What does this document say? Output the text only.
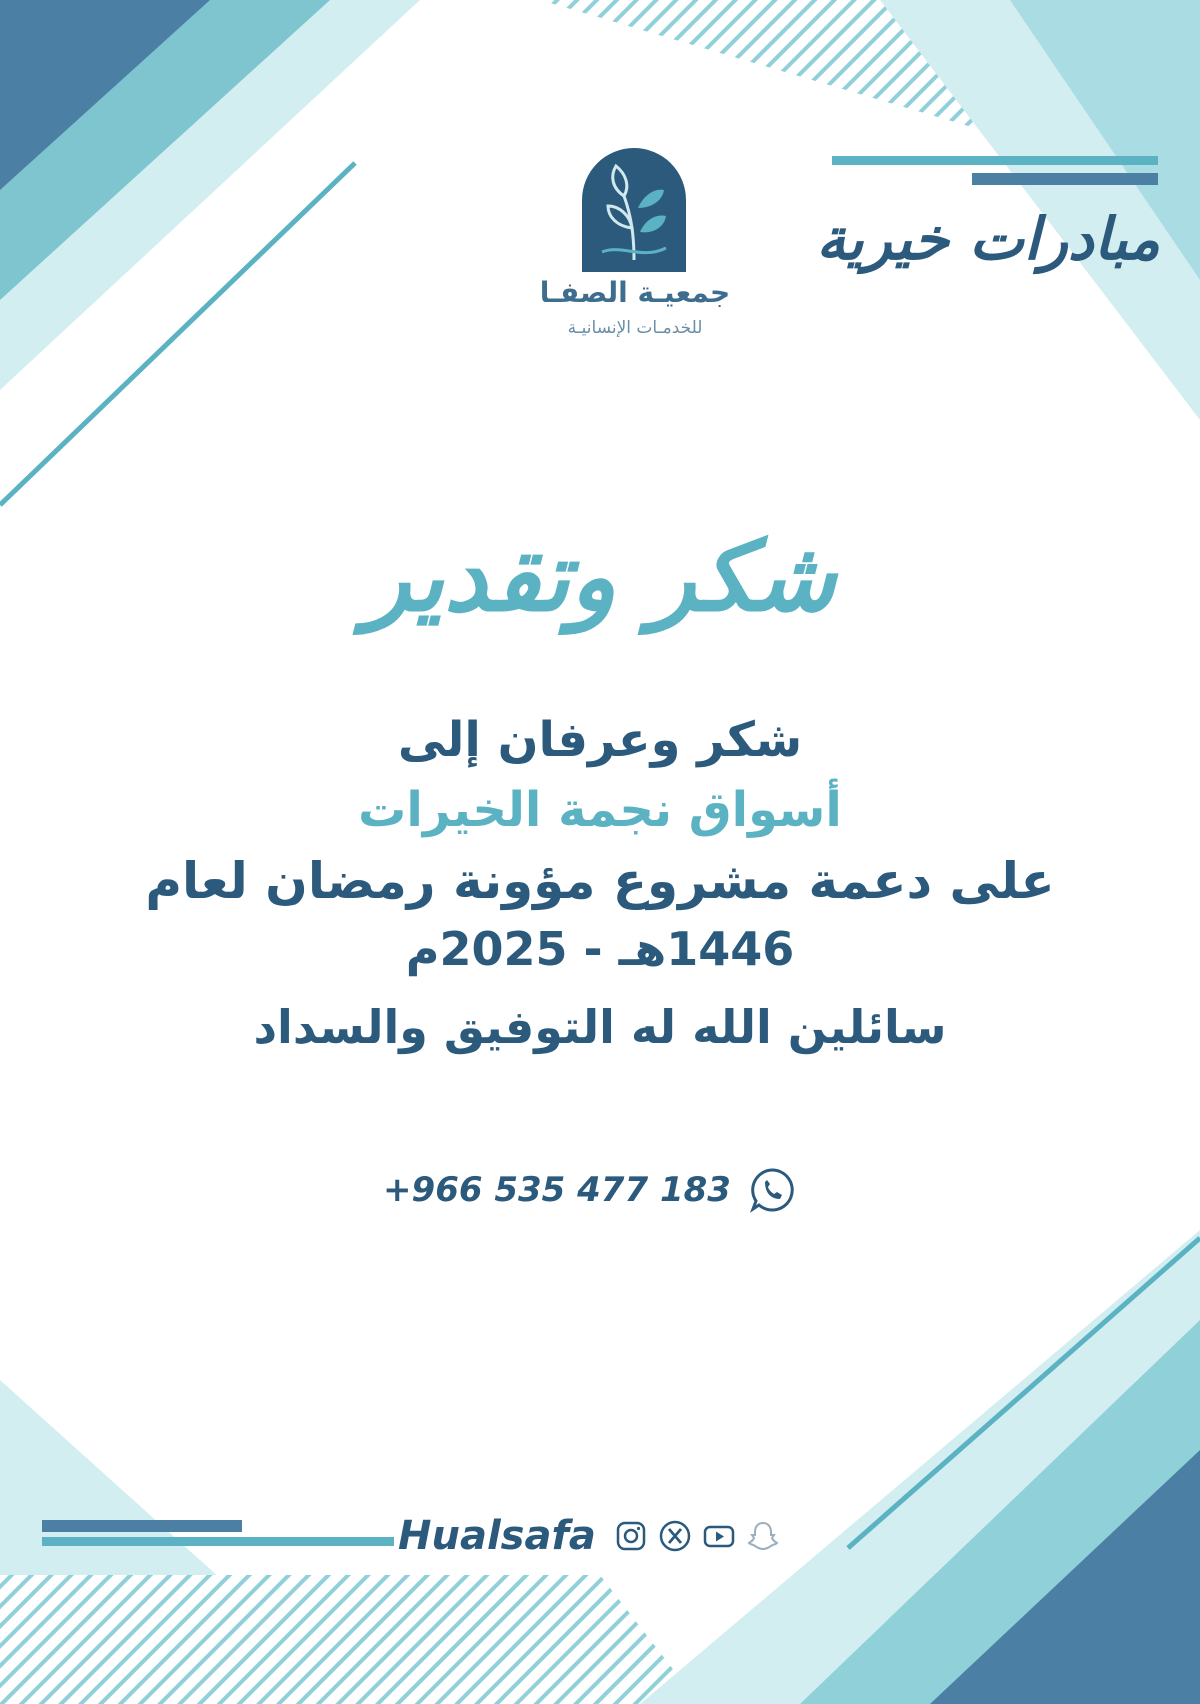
جمعيـة الصفـا
للخدمـات الإنسانيـة
مبادرات خيرية
شكر وتقدير
شكر وعرفان إلى
أسواق نجمة الخيرات
على دعمة مشروع مؤونة رمضان لعام
1446هـ - 2025م
سائلين الله له التوفيق والسداد
+966 535 477 183
Hualsafa
